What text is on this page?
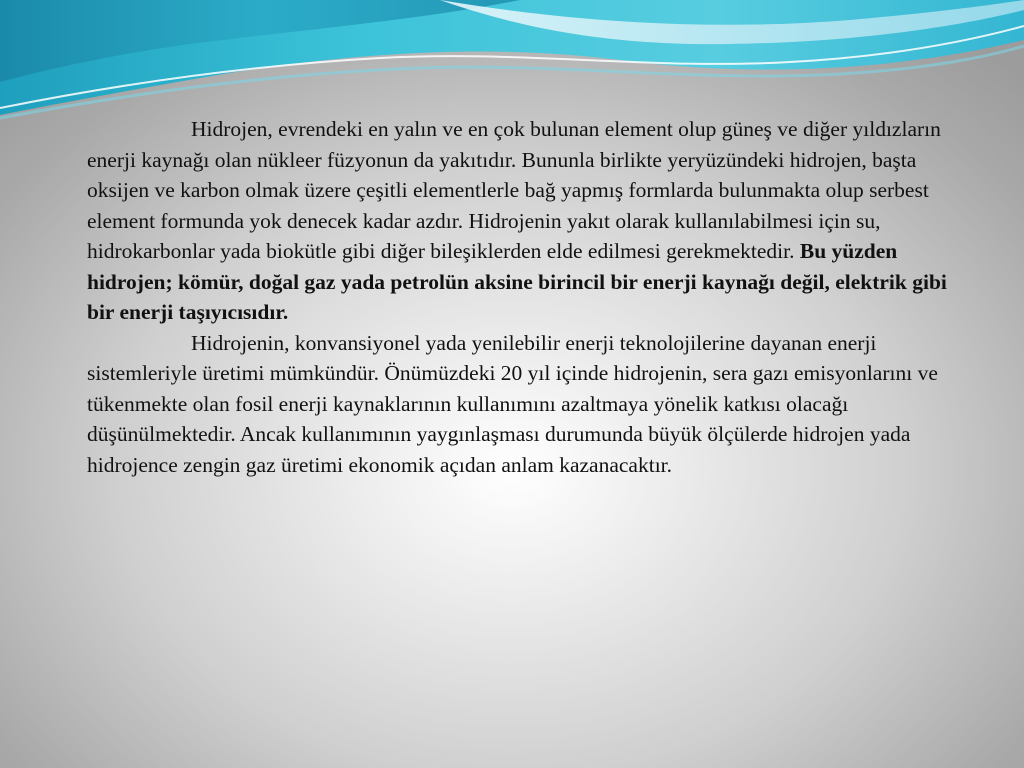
Hidrojen, evrendeki en yalın ve en çok bulunan element olup güneş ve diğer yıldızların enerji kaynağı olan nükleer füzyonun da yakıtıdır. Bununla birlikte yeryüzündeki hidrojen, başta oksijen ve karbon olmak üzere çeşitli elementlerle bağ yapmış formlarda bulunmakta olup serbest element formunda yok denecek kadar azdır. Hidrojenin yakıt olarak kullanılabilmesi için su, hidrokarbonlar yada biokütle gibi diğer bileşiklerden elde edilmesi gerekmektedir. Bu yüzden hidrojen; kömür, doğal gaz yada petrolün aksine birincil bir enerji kaynağı değil, elektrik gibi bir enerji taşıyıcısıdır.

Hidrojenin, konvansiyonel yada yenilebilir enerji teknolojilerine dayanan enerji sistemleriyle üretimi mümkündür. Önümüzdeki 20 yıl içinde hidrojenin, sera gazı emisyonlarını ve tükenmekte olan fosil enerji kaynaklarının kullanımını azaltmaya yönelik katkısı olacağı düşünülmektedir. Ancak kullanımının yaygınlaşması durumunda büyük ölçülerde hidrojen yada hidrojence zengin gaz üretimi ekonomik açıdan anlam kazanacaktır.
